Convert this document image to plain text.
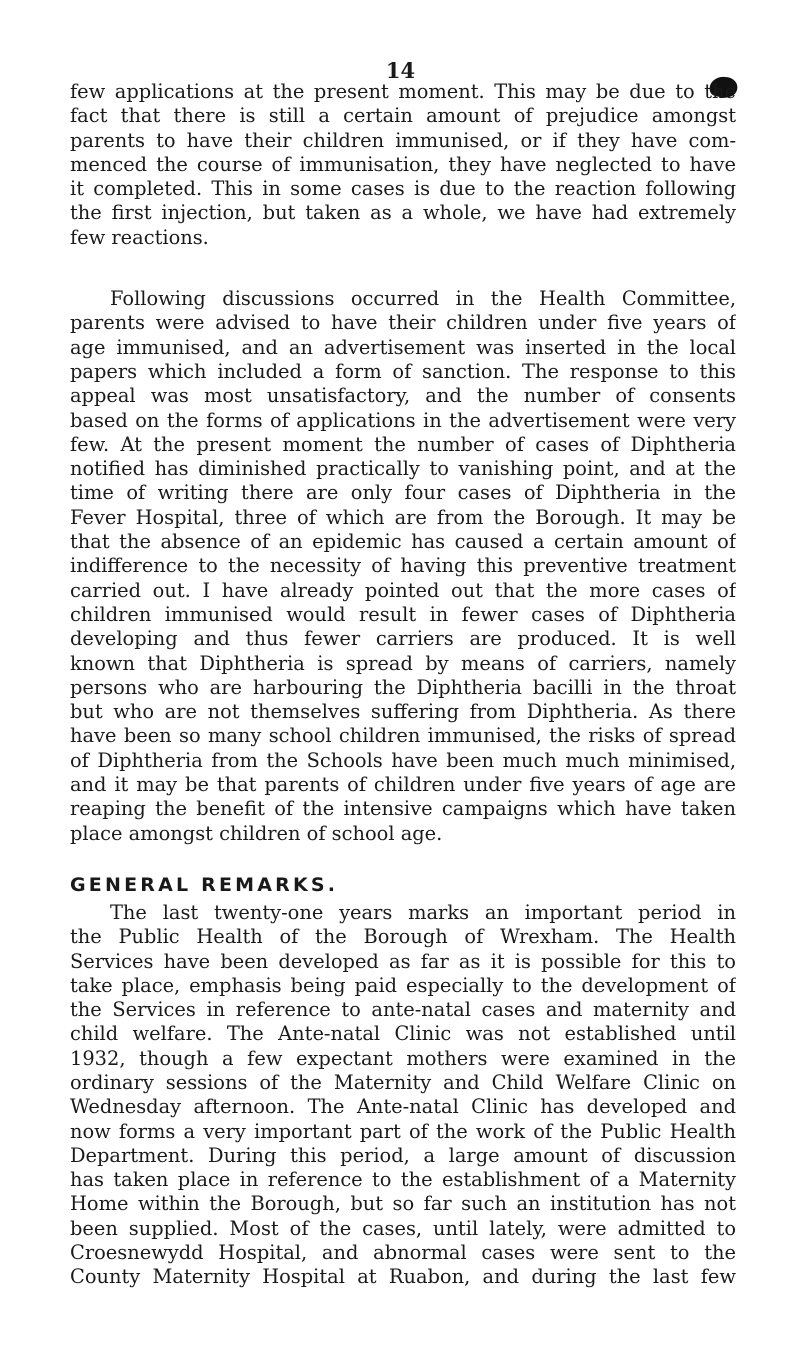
14
few applications at the present moment. This may be due to the
fact that there is still a certain amount of prejudice amongst
parents to have their children immunised, or if they have com-
menced the course of immunisation, they have neglected to have
it completed. This in some cases is due to the reaction following
the first injection, but taken as a whole, we have had extremely
few reactions.
Following discussions occurred in the Health Committee,
parents were advised to have their children under five years of
age immunised, and an advertisement was inserted in the local
papers which included a form of sanction. The response to this
appeal was most unsatisfactory, and the number of consents
based on the forms of applications in the advertisement were very
few. At the present moment the number of cases of Diphtheria
notified has diminished practically to vanishing point, and at the
time of writing there are only four cases of Diphtheria in the
Fever Hospital, three of which are from the Borough. It may be
that the absence of an epidemic has caused a certain amount of
indifference to the necessity of having this preventive treatment
carried out. I have already pointed out that the more cases of
children immunised would result in fewer cases of Diphtheria
developing and thus fewer carriers are produced. It is well
known that Diphtheria is spread by means of carriers, namely
persons who are harbouring the Diphtheria bacilli in the throat
but who are not themselves suffering from Diphtheria. As there
have been so many school children immunised, the risks of spread
of Diphtheria from the Schools have been much much minimised,
and it may be that parents of children under five years of age are
reaping the benefit of the intensive campaigns which have taken
place amongst children of school age.
GENERAL REMARKS.
The last twenty-one years marks an important period in
the Public Health of the Borough of Wrexham. The Health
Services have been developed as far as it is possible for this to
take place, emphasis being paid especially to the development of
the Services in reference to ante-natal cases and maternity and
child welfare. The Ante-natal Clinic was not established until
1932, though a few expectant mothers were examined in the
ordinary sessions of the Maternity and Child Welfare Clinic on
Wednesday afternoon. The Ante-natal Clinic has developed and
now forms a very important part of the work of the Public Health
Department. During this period, a large amount of discussion
has taken place in reference to the establishment of a Maternity
Home within the Borough, but so far such an institution has not
been supplied. Most of the cases, until lately, were admitted to
Croesnewydd Hospital, and abnormal cases were sent to the
County Maternity Hospital at Ruabon, and during the last few
